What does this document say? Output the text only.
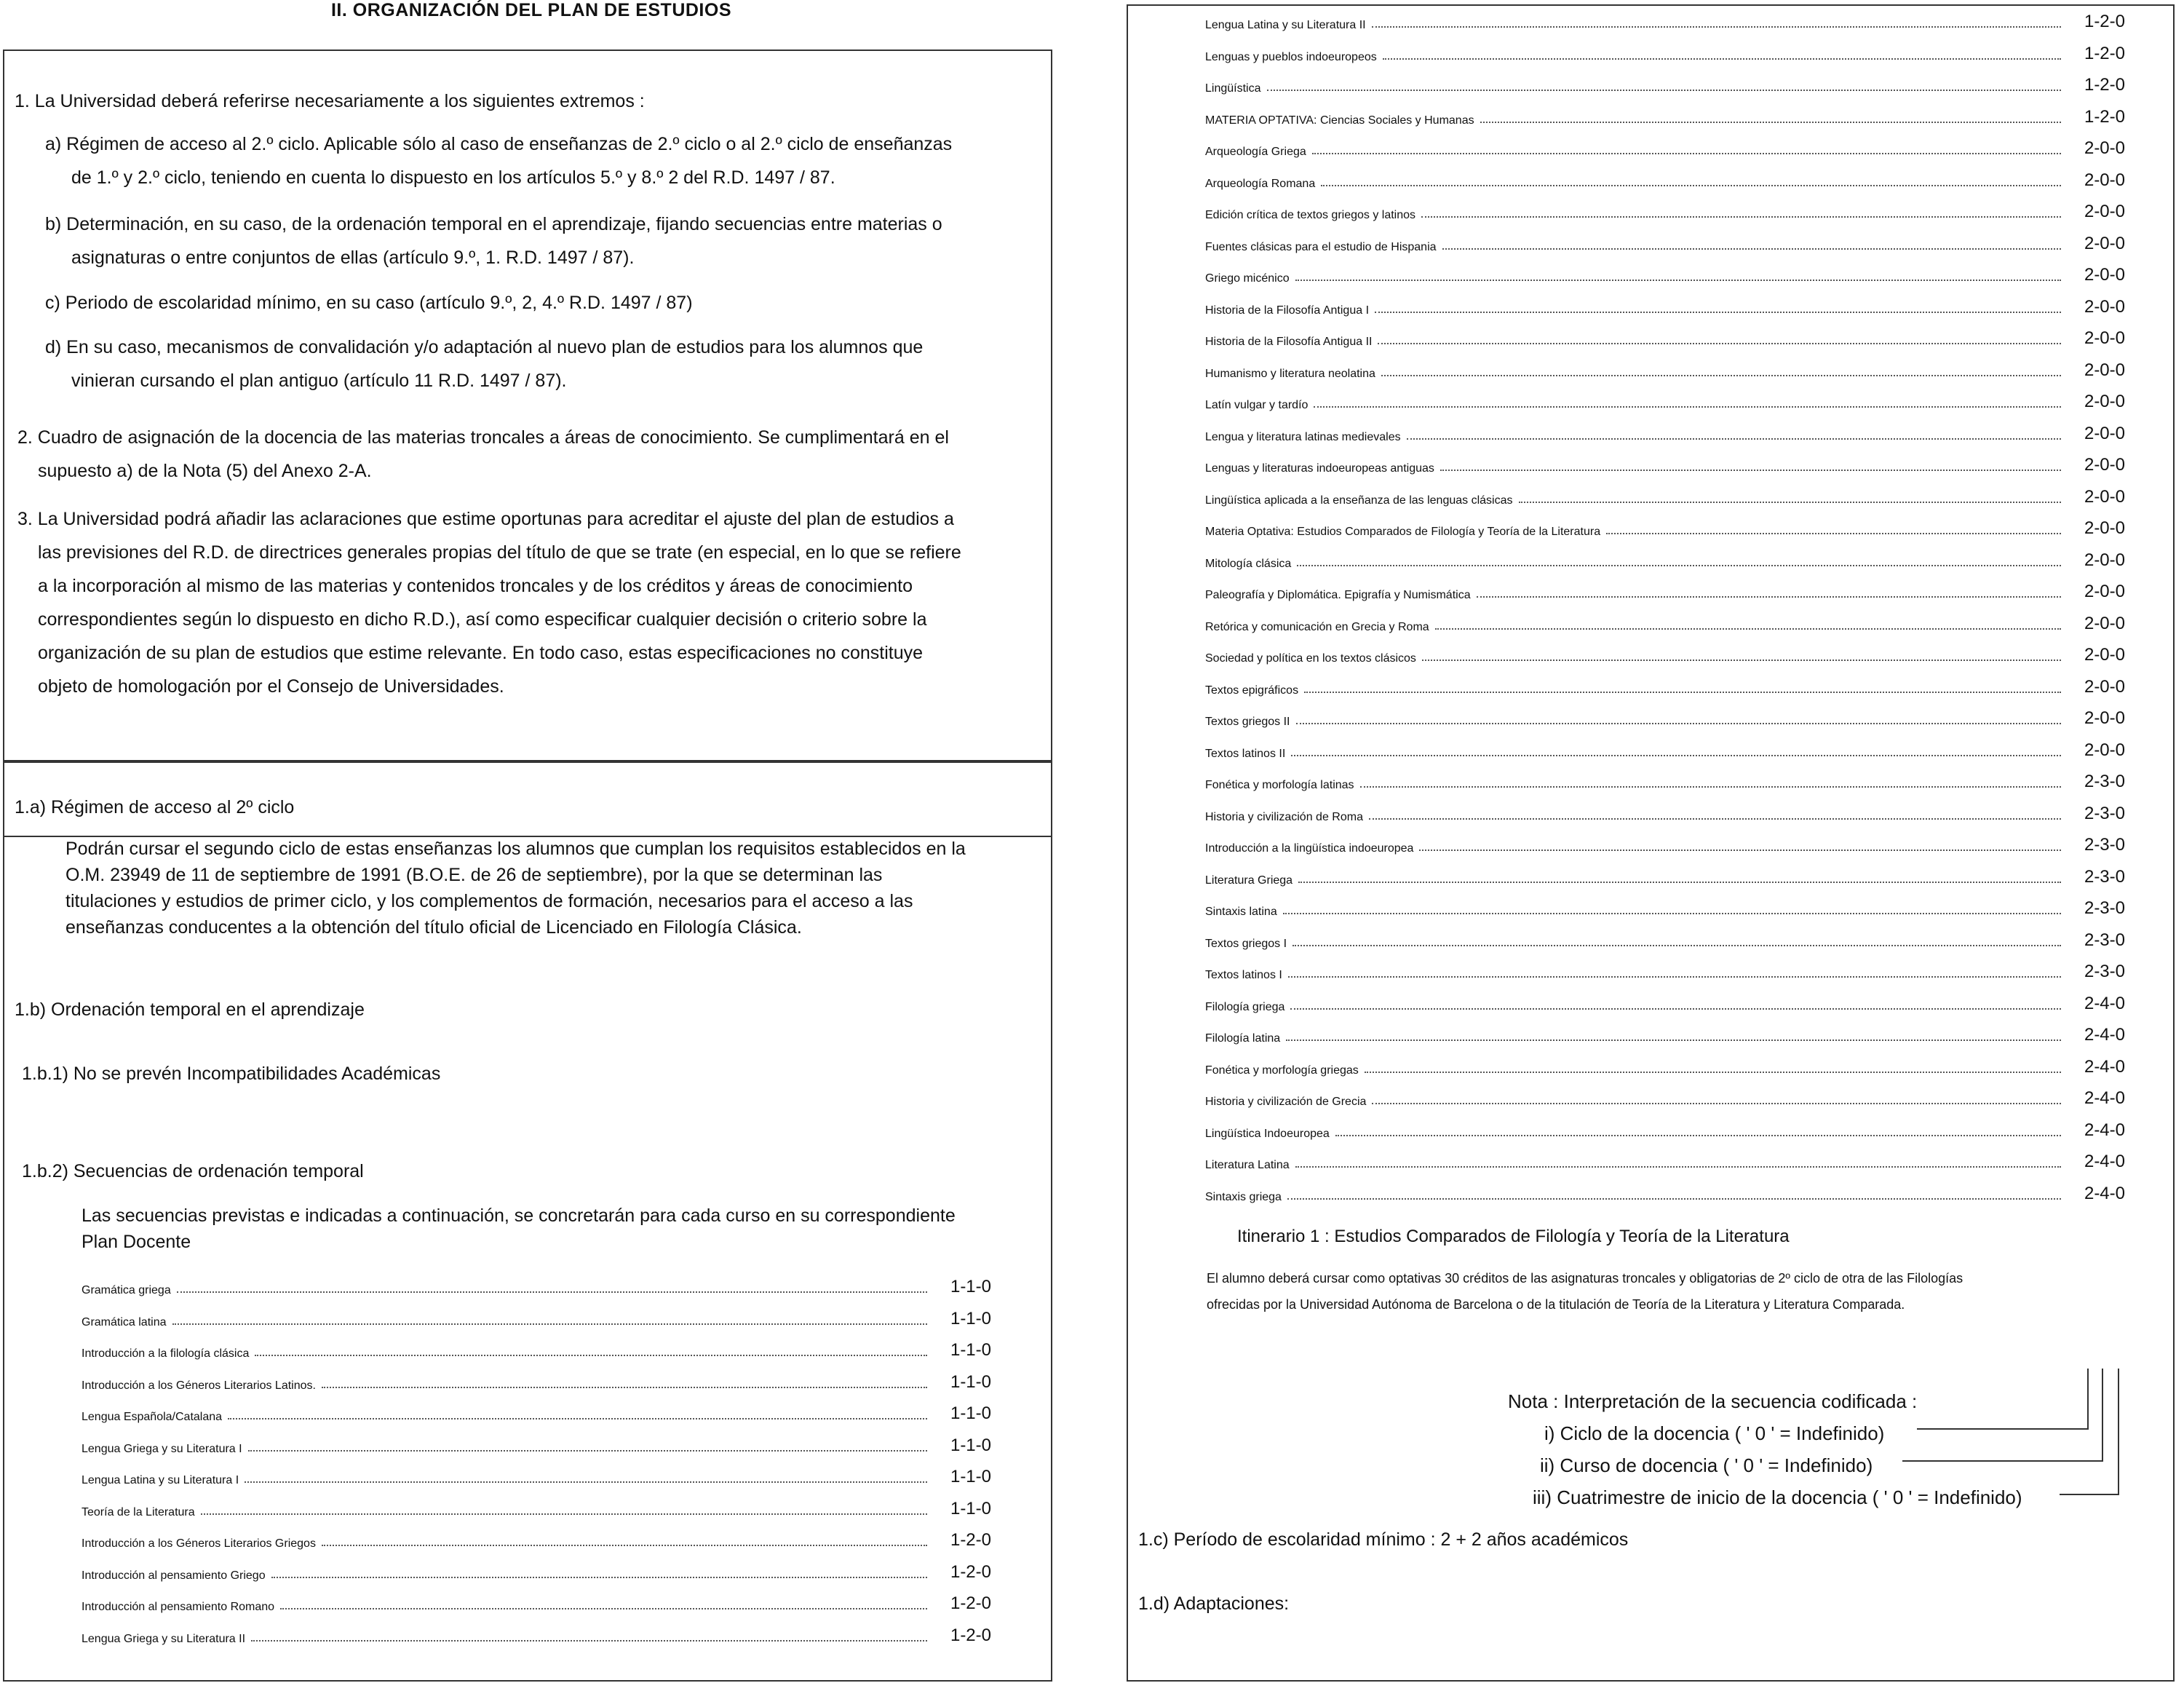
II. ORGANIZACIÓN DEL PLAN DE ESTUDIOS
1. La Universidad deberá referirse necesariamente a los siguientes extremos :
a) Régimen de acceso al 2.º ciclo. Aplicable sólo al caso de enseñanzas de 2.º ciclo o al 2.º ciclo de enseñanzas
de 1.º y 2.º ciclo, teniendo en cuenta lo dispuesto en los artículos 5.º y 8.º 2 del R.D. 1497 / 87.
b) Determinación, en su caso, de la ordenación temporal en el aprendizaje, fijando secuencias entre materias o
asignaturas o entre conjuntos de ellas (artículo 9.º, 1. R.D. 1497 / 87).
c) Periodo de escolaridad mínimo, en su caso (artículo 9.º, 2, 4.º R.D. 1497 / 87)
d) En su caso, mecanismos de convalidación y/o adaptación al nuevo plan de estudios para los alumnos que
vinieran cursando el plan antiguo (artículo 11 R.D. 1497 / 87).
2. Cuadro de asignación de la docencia de las materias troncales a áreas de conocimiento. Se cumplimentará en el
supuesto a) de la Nota (5) del Anexo 2-A.
3. La Universidad podrá añadir las aclaraciones que estime oportunas para acreditar el ajuste del plan de estudios a
las previsiones del R.D. de directrices generales propias del título de que se trate (en especial, en lo que se refiere
a la incorporación al mismo de las materias y contenidos troncales y de los créditos y áreas de conocimiento
correspondientes según lo dispuesto en dicho R.D.), así como especificar cualquier decisión o criterio sobre la
organización de su plan de estudios que estime relevante. En todo caso, estas especificaciones no constituye
objeto de homologación por el Consejo de Universidades.
1.a) Régimen de acceso al 2º ciclo
Podrán cursar el segundo ciclo de estas enseñanzas los alumnos que cumplan los requisitos establecidos en la
O.M. 23949 de 11 de septiembre de 1991 (B.O.E. de 26 de septiembre), por la que se determinan las
titulaciones y estudios de primer ciclo, y los complementos de formación, necesarios para el acceso a las
enseñanzas conducentes a la obtención del título oficial de Licenciado en Filología Clásica.
1.b) Ordenación temporal en el aprendizaje
1.b.1) No se prevén Incompatibilidades Académicas
1.b.2) Secuencias de ordenación temporal
Las secuencias previstas e indicadas a continuación, se concretarán para cada curso en su correspondiente
Plan Docente
Gramática griega	1-1-0
Gramática latina	1-1-0
Introducción a la filología clásica	1-1-0
Introducción a los Géneros Literarios Latinos.	1-1-0
Lengua Española/Catalana	1-1-0
Lengua Griega y su Literatura I	1-1-0
Lengua Latina y su Literatura I	1-1-0
Teoría de la Literatura	1-1-0
Introducción a los Géneros Literarios Griegos	1-2-0
Introducción al pensamiento Griego	1-2-0
Introducción al pensamiento Romano	1-2-0
Lengua Griega y su Literatura II	1-2-0
Lengua Latina y su Literatura II	1-2-0
Lenguas y pueblos indoeuropeos	1-2-0
Lingüística	1-2-0
MATERIA OPTATIVA: Ciencias Sociales y Humanas	1-2-0
Arqueología Griega	2-0-0
Arqueología Romana	2-0-0
Edición crítica de textos griegos y latinos	2-0-0
Fuentes clásicas para el estudio de Hispania	2-0-0
Griego micénico	2-0-0
Historia de la Filosofía Antigua I	2-0-0
Historia de la Filosofía Antigua II	2-0-0
Humanismo y literatura neolatina	2-0-0
Latín vulgar y tardío	2-0-0
Lengua y literatura latinas medievales	2-0-0
Lenguas y literaturas indoeuropeas antiguas	2-0-0
Lingüística aplicada a la enseñanza de las lenguas clásicas	2-0-0
Materia Optativa: Estudios Comparados de Filología y Teoría de la Literatura	2-0-0
Mitología clásica	2-0-0
Paleografía y Diplomática. Epigrafía y Numismática	2-0-0
Retórica y comunicación en Grecia y Roma	2-0-0
Sociedad y política en los textos clásicos	2-0-0
Textos epigráficos	2-0-0
Textos griegos II	2-0-0
Textos latinos II	2-0-0
Fonética y morfología latinas	2-3-0
Historia y civilización de Roma	2-3-0
Introducción a la lingüística indoeuropea	2-3-0
Literatura Griega	2-3-0
Sintaxis latina	2-3-0
Textos griegos I	2-3-0
Textos latinos I	2-3-0
Filología griega	2-4-0
Filología latina	2-4-0
Fonética y morfología griegas	2-4-0
Historia y civilización de Grecia	2-4-0
Lingüística Indoeuropea	2-4-0
Literatura Latina	2-4-0
Sintaxis griega	2-4-0
Itinerario 1 : Estudios Comparados de Filología y Teoría de la Literatura
El alumno deberá cursar como optativas 30 créditos de las asignaturas troncales y obligatorias de 2º ciclo de otra de las Filologías
ofrecidas por la Universidad Autónoma de Barcelona o de la titulación de Teoría de la Literatura y Literatura Comparada.
Nota : Interpretación de la secuencia codificada :
i) Ciclo de la docencia ( ' 0 ' = Indefinido)
ii) Curso de docencia ( ' 0 ' = Indefinido)
iii) Cuatrimestre de inicio de la docencia ( ' 0 ' = Indefinido)
1.c) Período de escolaridad mínimo : 2 + 2 años académicos
1.d) Adaptaciones:
